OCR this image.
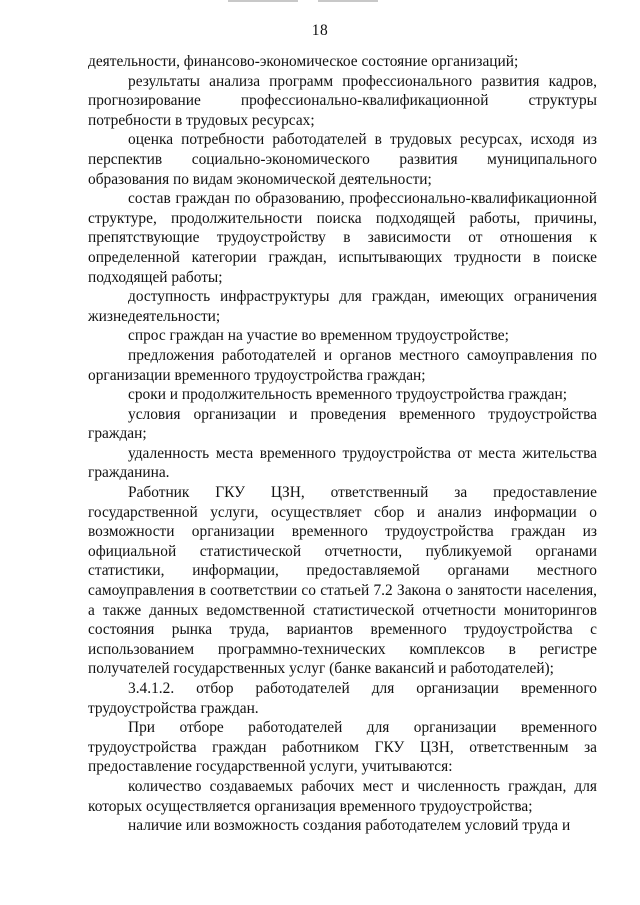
18

деятельности, финансово-экономическое состояние организаций;

результаты анализа программ профессионального развития кадров, прогнозирование профессионально-квалификационной структуры потребности в трудовых ресурсах;

оценка потребности работодателей в трудовых ресурсах, исходя из перспектив социально-экономического развития муниципального образования по видам экономической деятельности;

состав граждан по образованию, профессионально-квалификационной структуре, продолжительности поиска подходящей работы, причины, препятствующие трудоустройству в зависимости от отношения к определенной категории граждан, испытывающих трудности в поиске подходящей работы;

доступность инфраструктуры для граждан, имеющих ограничения жизнедеятельности;

спрос граждан на участие во временном трудоустройстве;

предложения работодателей и органов местного самоуправления по организации временного трудоустройства граждан;

сроки и продолжительность временного трудоустройства граждан;

условия организации и проведения временного трудоустройства граждан;

удаленность места временного трудоустройства от места жительства гражданина.

Работник ГКУ ЦЗН, ответственный за предоставление государственной услуги, осуществляет сбор и анализ информации о возможности организации временного трудоустройства граждан из официальной статистической отчетности, публикуемой органами статистики, информации, предоставляемой органами местного самоуправления в соответствии со статьей 7.2 Закона о занятости населения, а также данных ведомственной статистической отчетности мониторингов состояния рынка труда, вариантов временного трудоустройства с использованием программно-технических комплексов в регистре получателей государственных услуг (банке вакансий и работодателей);

3.4.1.2. отбор работодателей для организации временного трудоустройства граждан.

При отборе работодателей для организации временного трудоустройства граждан работником ГКУ ЦЗН, ответственным за предоставление государственной услуги, учитываются:

количество создаваемых рабочих мест и численность граждан, для которых осуществляется организация временного трудоустройства;

наличие или возможность создания работодателем условий труда и
